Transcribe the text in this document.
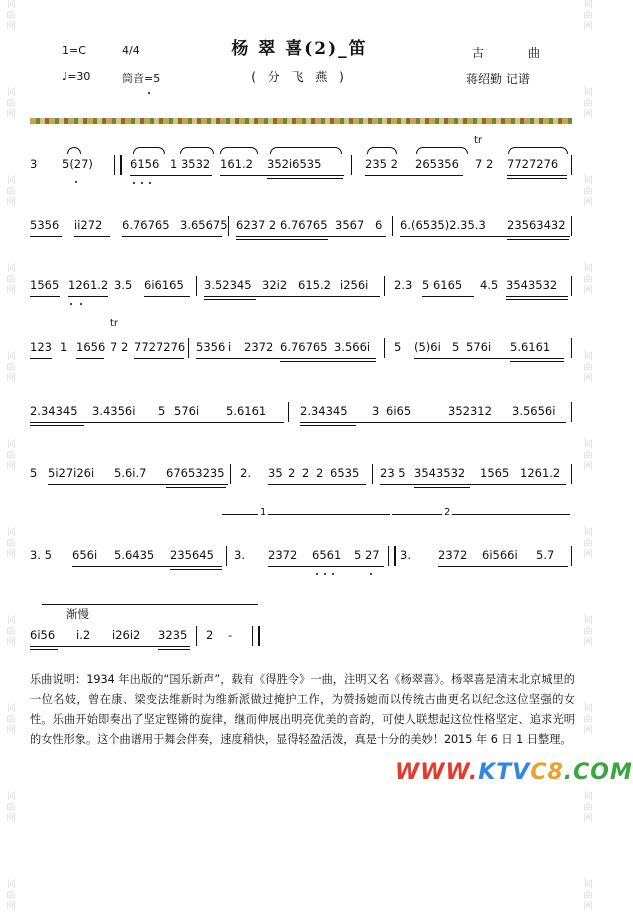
词
曲
网

词
曲
网

词
曲
网

词
曲
网

词
曲
网

词
曲
网

词
曲
网

词
曲
网

词
曲
网

词
曲
网

词
曲
网
词
曲
网

词
曲
网

词
曲
网

词
曲
网

词
曲
网

词
曲
网

词
曲
网

词
曲
网

词
曲
网

词
曲
网

词
曲
网
杨 翠 喜(2)_笛
( 分 飞 燕 )
1=C	4/4
♩=30	筒音=5
古	曲
蒋绍勤 记谱
3 5(27)	6156 1 3532 161.2 352i6535	235 2 265356 7 2 7727276
tr
5356 ii272 6.76765 3.65675 6237 2 6.76765 3567 6 6.(6535)2.35.3 23563432
1565 1261.2 3.5 6i6165 3.52345 32i2 615.2 i256i 2.3 5 6165 4.5 3543532
123 1 1656 7 2 7727276
tr
5356 i 2372 6.76765 3.566i 5 (5)6i 5 576i 5.6161
2.34345 3.4356i 5 576i 5.6161	2.34345 3 6i65	352312 3.5656i
5 5i27i26i 5.6i.7 67653235 2. 35 2 2 2 6535 23 5 3543532 1565 1261.2
1	2
3. 5 656i 5.6435 235645 3. 2372 6561 5 27 3. 2372 6i566i 5.7
渐慢
6i56 i.2 i26i2 3235 2 -
乐曲说明：1934 年出版的“国乐新声”，载有《得胜令》一曲，注明又名《杨翠喜》。杨翠喜是清末北京城里的一位名妓，曾在康、梁变法维新时为维新派做过掩护工作，为赞扬她而以传统古曲更名以纪念这位坚强的女性。乐曲开始即奏出了坚定铿锵的旋律，继而伸展出明亮优美的音韵，可使人联想起这位性格坚定、追求光明的女性形象。这个曲谱用于舞会伴奏，速度稍快，显得轻盈活泼，真是十分的美妙！2015 年 6 日 1 日整理。
WWW.KTVC8.COM
